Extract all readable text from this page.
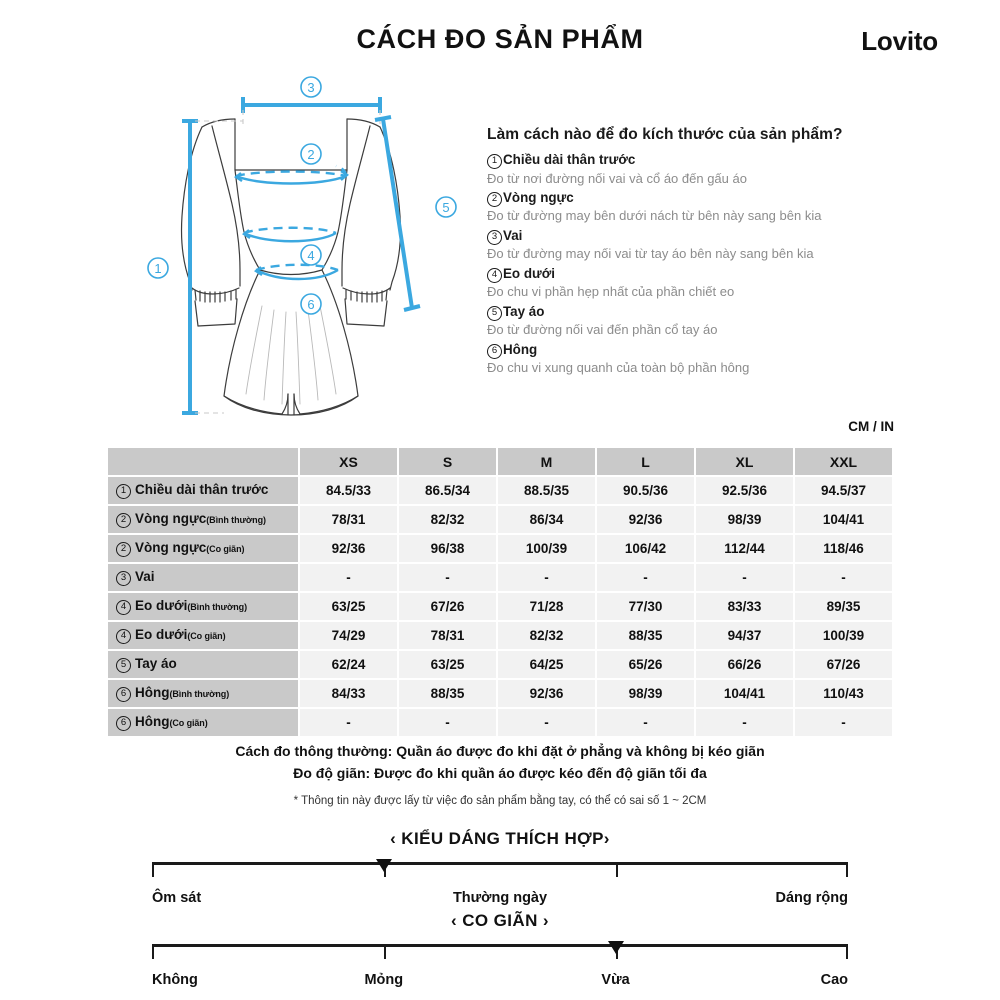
CÁCH ĐO SẢN PHẨM	Lovito
3
2
4
6
5
1
Làm cách nào để đo kích thước của sản phẩm?
1 Chiều dài thân trước
Đo từ nơi đường nối vai và cổ áo đến gấu áo
2 Vòng ngực
Đo từ đường may bên dưới nách từ bên này sang bên kia
3 Vai
Đo từ đường may nối vai từ tay áo bên này sang bên kia
4 Eo dưới
Đo chu vi phần hẹp nhất của phần chiết eo
5 Tay áo
Đo từ đường nối vai đến phần cổ tay áo
6 Hông
Đo chu vi xung quanh của toàn bộ phần hông
CM / IN
	XS	S	M	L	XL	XXL
1 Chiều dài thân trước	84.5/33	86.5/34	88.5/35	90.5/36	92.5/36	94.5/37
2 Vòng ngực(Bình thường)	78/31	82/32	86/34	92/36	98/39	104/41
2 Vòng ngực(Co giãn)	92/36	96/38	100/39	106/42	112/44	118/46
3 Vai	-	-	-	-	-	-
4 Eo dưới(Bình thường)	63/25	67/26	71/28	77/30	83/33	89/35
4 Eo dưới(Co giãn)	74/29	78/31	82/32	88/35	94/37	100/39
5 Tay áo	62/24	63/25	64/25	65/26	66/26	67/26
6 Hông(Bình thường)	84/33	88/35	92/36	98/39	104/41	110/43
6 Hông(Co giãn)	-	-	-	-	-	-
Cách đo thông thường: Quần áo được đo khi đặt ở phẳng và không bị kéo giãn
Đo độ giãn: Được đo khi quần áo được kéo đến độ giãn tối đa
* Thông tin này được lấy từ việc đo sản phẩm bằng tay, có thể có sai số 1 ~ 2CM
‹ KIỂU DÁNG THÍCH HỢP›
Ôm sát	Thường ngày	Dáng rộng
‹ CO GIÃN ›
Không	Mỏng	Vừa	Cao
